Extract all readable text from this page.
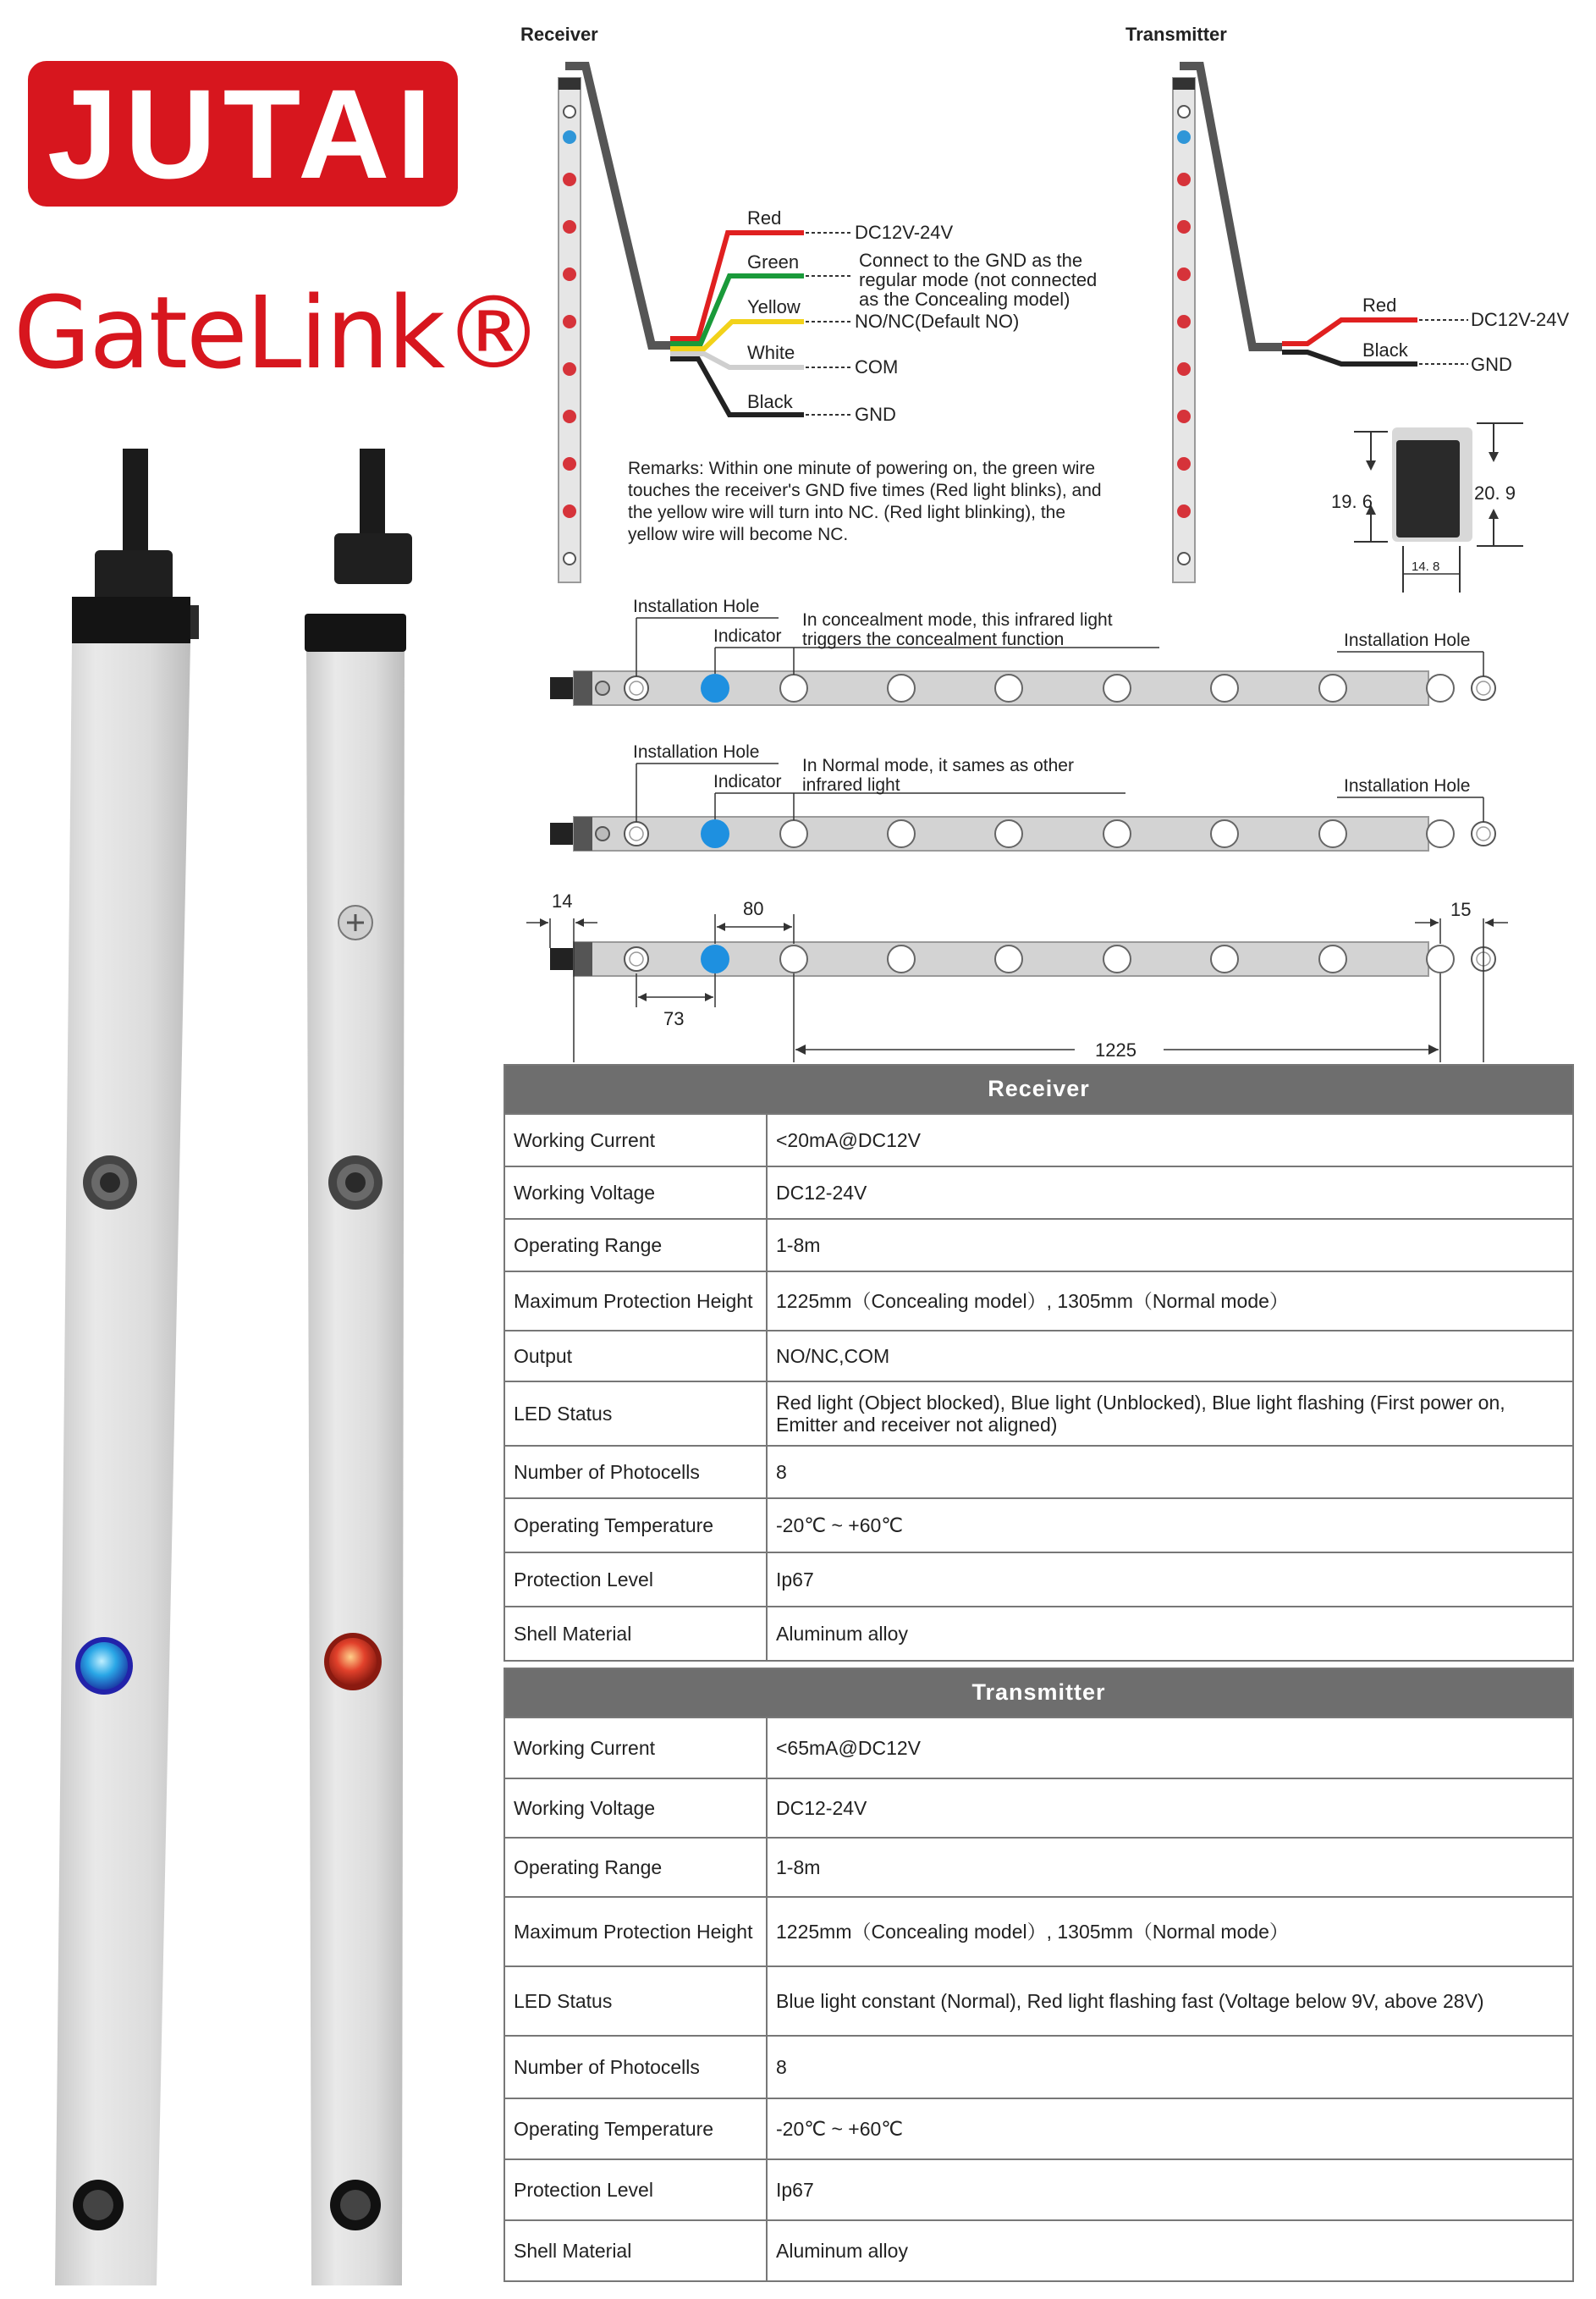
JUTAI
GateLink®
Receiver
Red
Green
Yellow
White
Black
DC12V-24V
Connect to the GND as the
regular mode (not connected
as the Concealing model)
NO/NC(Default NO)
COM
GND
Remarks: Within one minute of powering on, the green wire
touches the receiver's GND five times (Red light blinks), and
the yellow wire will turn into NC. (Red light blinking), the
yellow wire will become NC.
Transmitter
Red
Black
DC12V-24V
GND
19. 6	20. 9
14. 8
Installation Hole
Indicator
In concealment mode, this infrared light
triggers the concealment function	Installation Hole
Installation Hole
Indicator
In Normal mode, it sames as other
infrared light	Installation Hole
14	80	15
73
1225
Receiver	
Working Current	<20mA@DC12V
Working Voltage	DC12-24V
Operating Range	1-8m
Maximum Protection Height	1225mm（Concealing model）, 1305mm（Normal mode）
Output	NO/NC,COM
LED Status	Red light (Object blocked), Blue light (Unblocked), Blue light flashing (First power on, Emitter and receiver not aligned)
Number of Photocells	8
Operating Temperature	-20℃ ~ +60℃
Protection Level	Ip67
Shell Material	Aluminum alloy
Transmitter	
Working Current	<65mA@DC12V
Working Voltage	DC12-24V
Operating Range	1-8m
Maximum Protection Height	1225mm（Concealing model）, 1305mm（Normal mode）
LED Status	Blue light constant (Normal), Red light flashing fast (Voltage below 9V, above 28V)
Number of Photocells	8
Operating Temperature	-20℃ ~ +60℃
Protection Level	Ip67
Shell Material	Aluminum alloy
